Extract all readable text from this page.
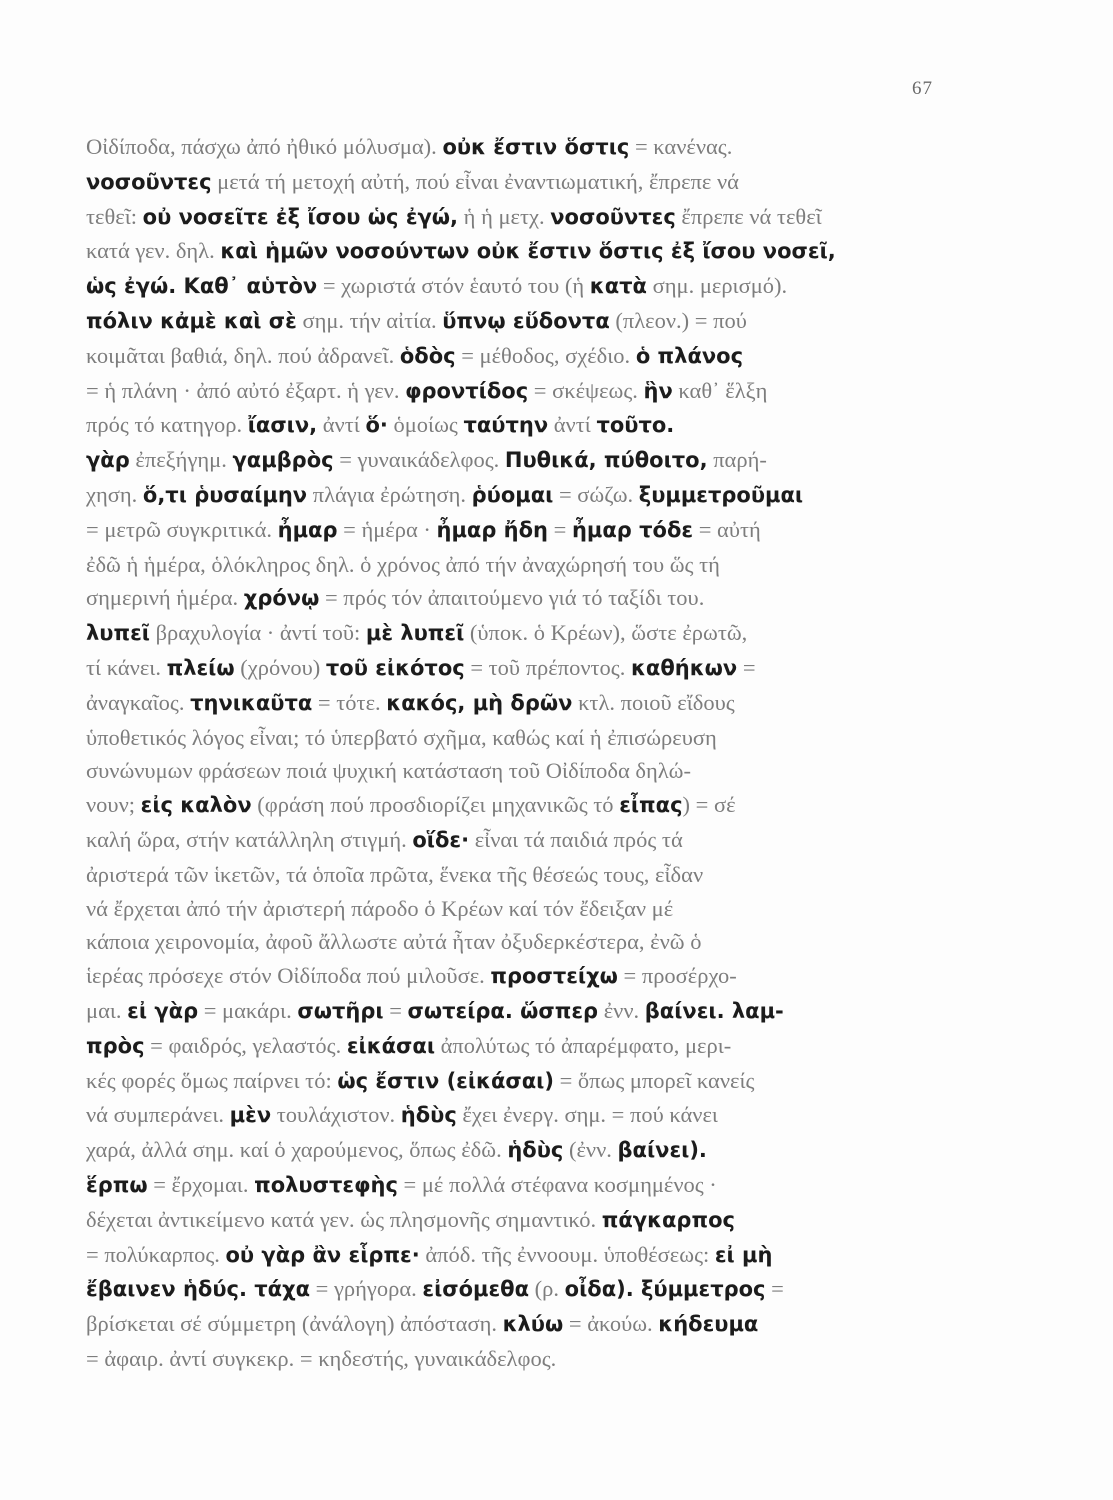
67
Οἰδίποδα, πάσχω ἀπό ἠθικό μόλυσμα). οὐκ ἔστιν ὅστις = κανένας.
νοσοῦντες μετά τή μετοχή αὐτή, πού εἶναι ἐναντιωματική, ἔπρεπε νά
τεθεῖ: οὐ νοσεῖτε ἐξ ἴσου ὡς ἐγώ, ἡ ἡ μετχ. νοσοῦντες ἔπρεπε νά τεθεῖ
κατά γεν. δηλ. καὶ ἡμῶν νοσούντων οὐκ ἔστιν ὅστις ἐξ ἴσου νοσεῖ,
ὡς ἐγώ. Καθ᾽ αὑτὸν = χωριστά στόν ἑαυτό του (ἡ κατὰ σημ. μερισμό).
πόλιν κἀμὲ καὶ σὲ σημ. τήν αἰτία. ὕπνῳ εὕδοντα (πλεον.) = πού
κοιμᾶται βαθιά, δηλ. πού ἀδρανεῖ. ὁδὸς = μέθοδος, σχέδιο. ὁ πλάνος
= ἡ πλάνη · ἀπό αὐτό ἐξαρτ. ἡ γεν. φροντίδος = σκέψεως. ἣν καθ᾽ ἕλξη
πρός τό κατηγορ. ἴασιν, ἀντί ὅ· ὁμοίως ταύτην ἀντί τοῦτο.
γὰρ ἐπεξήγημ. γαμβρὸς = γυναικάδελφος. Πυθικά, πύθοιτο, παρή-
χηση. ὅ,τι ῥυσαίμην πλάγια ἐρώτηση. ῥύομαι = σώζω. ξυμμετροῦμαι
= μετρῶ συγκριτικά. ἦμαρ = ἡμέρα · ἦμαρ ἤδη = ἦμαρ τόδε = αὐτή
ἐδῶ ἡ ἡμέρα, ὁλόκληρος δηλ. ὁ χρόνος ἀπό τήν ἀναχώρησή του ὥς τή
σημερινή ἡμέρα. χρόνῳ = πρός τόν ἀπαιτούμενο γιά τό ταξίδι του.
λυπεῖ βραχυλογία · ἀντί τοῦ: μὲ λυπεῖ (ὑποκ. ὁ Κρέων), ὥστε ἐρωτῶ,
τί κάνει. πλείω (χρόνου) τοῦ εἰκότος = τοῦ πρέποντος. καθήκων =
ἀναγκαῖος. τηνικαῦτα = τότε. κακός, μὴ δρῶν κτλ. ποιοῦ εἴδους
ὑποθετικός λόγος εἶναι; τό ὑπερβατό σχῆμα, καθώς καί ἡ ἐπισώρευση
συνώνυμων φράσεων ποιά ψυχική κατάσταση τοῦ Οἰδίποδα δηλώ-
νουν; εἰς καλὸν (φράση πού προσδιορίζει μηχανικῶς τό εἶπας) = σέ
καλή ὥρα, στήν κατάλληλη στιγμή. οἵδε· εἶναι τά παιδιά πρός τά
ἀριστερά τῶν ἱκετῶν, τά ὁποῖα πρῶτα, ἕνεκα τῆς θέσεώς τους, εἶδαν
νά ἔρχεται ἀπό τήν ἀριστερή πάροδο ὁ Κρέων καί τόν ἔδειξαν μέ
κάποια χειρονομία, ἀφοῦ ἄλλωστε αὐτά ἦταν ὀξυδερκέστερα, ἐνῶ ὁ
ἱερέας πρόσεχε στόν Οἰδίποδα πού μιλοῦσε. προστείχω = προσέρχο-
μαι. εἰ γὰρ = μακάρι. σωτῆρι = σωτείρα. ὥσπερ ἐνν. βαίνει. λαμ-
πρὸς = φαιδρός, γελαστός. εἰκάσαι ἀπολύτως τό ἀπαρέμφατο, μερι-
κές φορές ὅμως παίρνει τό: ὡς ἔστιν (εἰκάσαι) = ὅπως μπορεῖ κανείς
νά συμπεράνει. μὲν τουλάχιστον. ἡδὺς ἔχει ἐνεργ. σημ. = πού κάνει
χαρά, ἀλλά σημ. καί ὁ χαρούμενος, ὅπως ἐδῶ. ἡδὺς (ἐνν. βαίνει).
ἕρπω = ἔρχομαι. πολυστεφὴς = μέ πολλά στέφανα κοσμημένος ·
δέχεται ἀντικείμενο κατά γεν. ὡς πλησμονῆς σημαντικό. πάγκαρπος
= πολύκαρπος. οὐ γὰρ ἂν εἷρπε· ἀπόδ. τῆς ἐννοουμ. ὑποθέσεως: εἰ μὴ
ἔβαινεν ἡδύς. τάχα = γρήγορα. εἰσόμεθα (ρ. οἶδα). ξύμμετρος =
βρίσκεται σέ σύμμετρη (ἀνάλογη) ἀπόσταση. κλύω = ἀκούω. κήδευμα
= ἀφαιρ. ἀντί συγκεκρ. = κηδεστής, γυναικάδελφος.
